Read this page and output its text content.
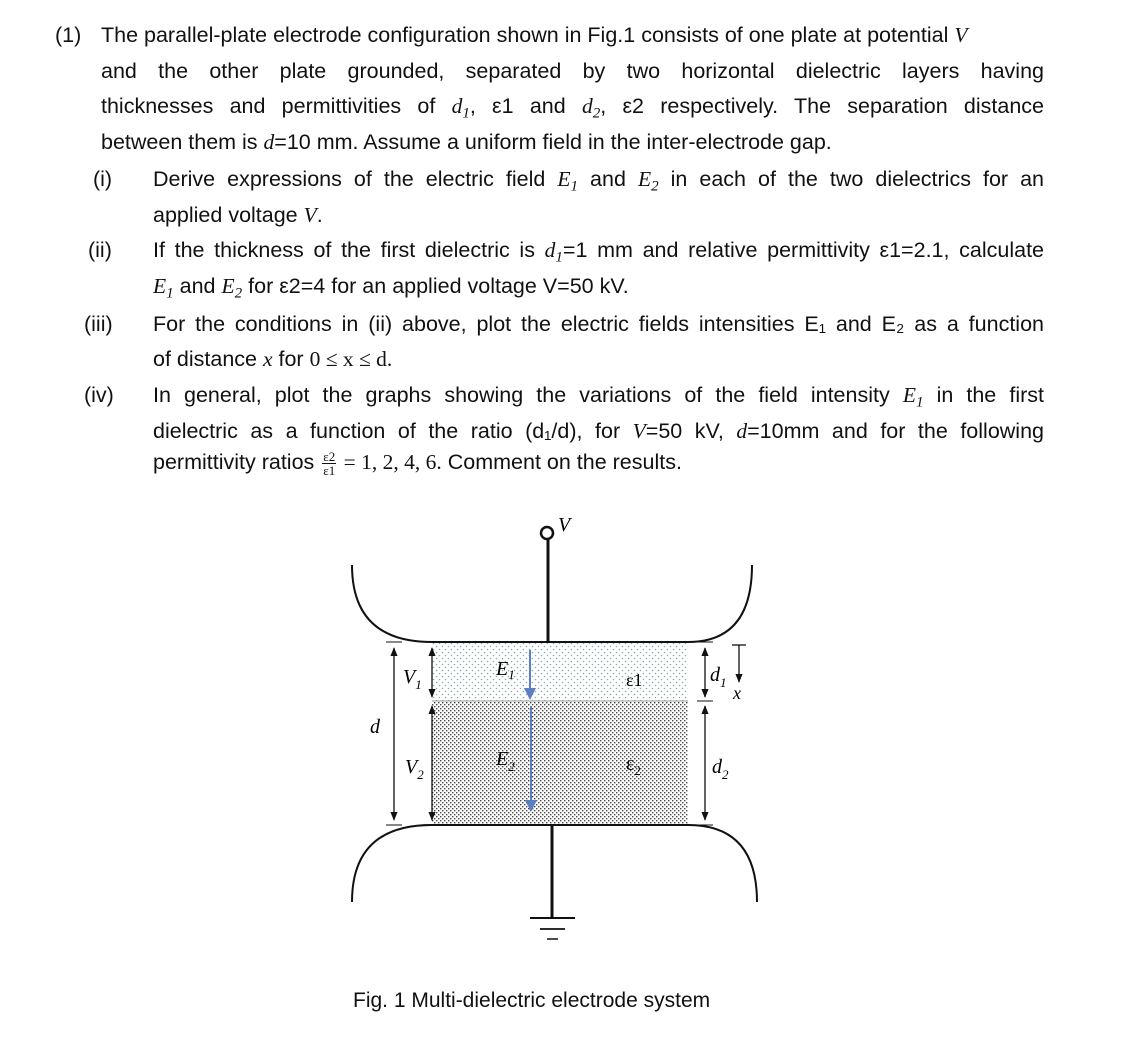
(1) The parallel-plate electrode configuration shown in Fig.1 consists of one plate at potential V
and the other plate grounded, separated by two horizontal dielectric layers having
thicknesses and permittivities of $d_1$, ε1 and $d_2$, ε2 respectively. The separation distance
between them is d=10 mm. Assume a uniform field in the inter-electrode gap.
(i) Derive expressions of the electric field $E_1$ and $E_2$ in each of the two dielectrics for an
applied voltage V.
(ii) If the thickness of the first dielectric is $d_1=1$ mm and relative permittivity ε1=2.1, calculate
$E_1$ and $E_2$ for ε2=4 for an applied voltage V=50 kV.
(iii) For the conditions in (ii) above, plot the electric fields intensities E₁ and E₂ as a function
of distance x for 0 ≤ x ≤ d.
(iv) In general, plot the graphs showing the variations of the field intensity $E_1$ in the first
dielectric as a function of the ratio (d₁/d), for V=50 kV, d=10mm and for the following
permittivity ratios $\frac{\varepsilon 2}{\varepsilon 1} = 1$, 2, 4, 6. Comment on the results.
V
d
$V_1$
$V_2$
$E_1$
$E_2$
ε1
$\varepsilon_2$
$d_1$
$d_2$
x
Fig. 1 Multi-dielectric electrode system
